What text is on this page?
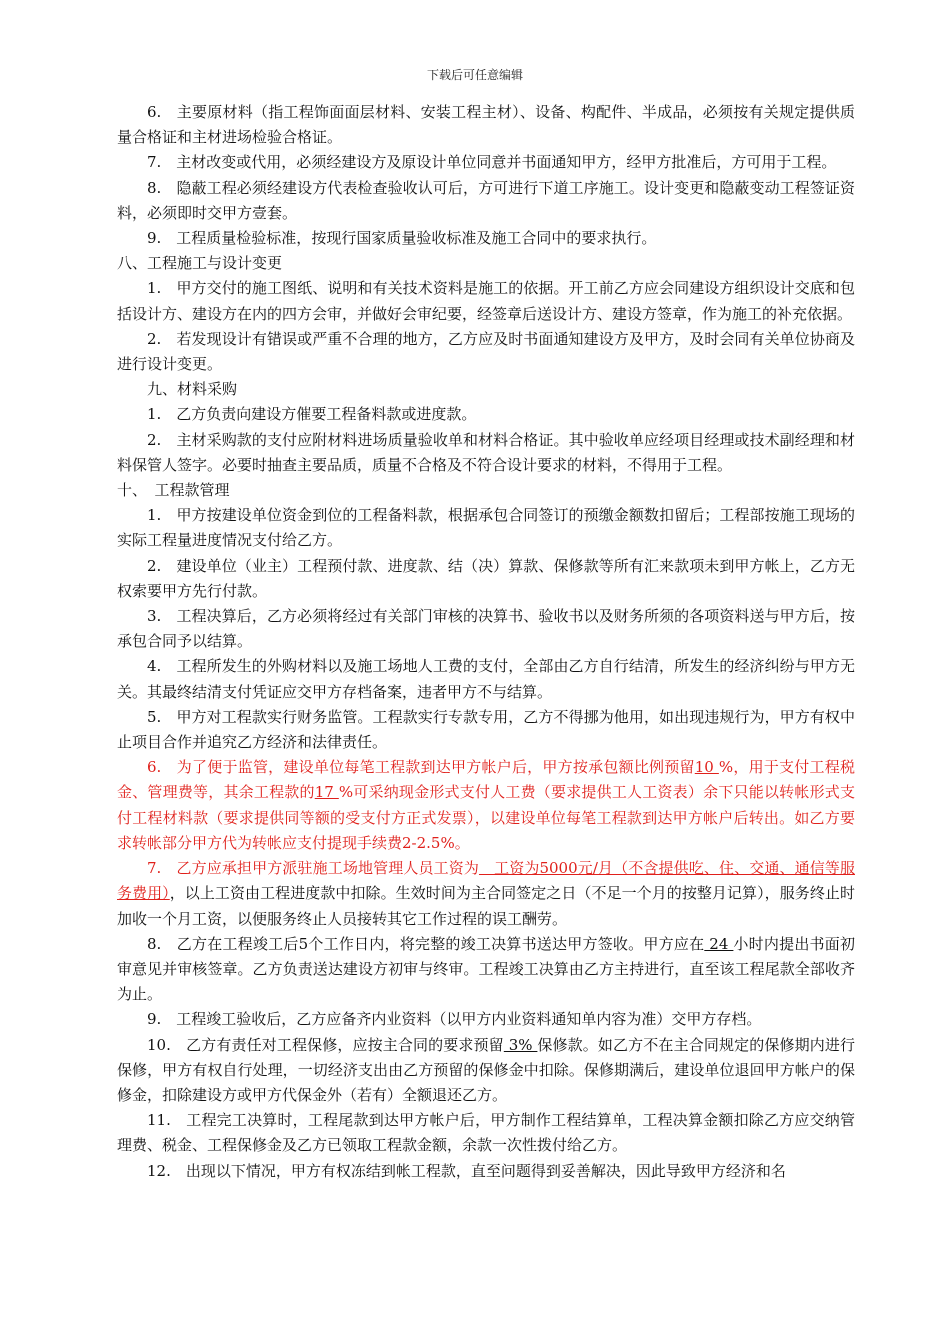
下载后可任意编辑

6.　主要原材料（指工程饰面面层材料、安装工程主材）、设备、构配件、半成品，必须按有关规定提供质量合格证和主材进场检验合格证。

7.　主材改变或代用，必须经建设方及原设计单位同意并书面通知甲方，经甲方批准后，方可用于工程。

8.　隐蔽工程必须经建设方代表检查验收认可后，方可进行下道工序施工。设计变更和隐蔽变动工程签证资料，必须即时交甲方壹套。

9.　工程质量检验标准，按现行国家质量验收标准及施工合同中的要求执行。

八、工程施工与设计变更

1.　甲方交付的施工图纸、说明和有关技术资料是施工的依据。开工前乙方应会同建设方组织设计交底和包括设计方、建设方在内的四方会审，并做好会审纪要，经签章后送设计方、建设方签章，作为施工的补充依据。

2.　若发现设计有错误或严重不合理的地方，乙方应及时书面通知建设方及甲方，及时会同有关单位协商及进行设计变更。

九、材料采购

1.　乙方负责向建设方催要工程备料款或进度款。

2.　主材采购款的支付应附材料进场质量验收单和材料合格证。其中验收单应经项目经理或技术副经理和材料保管人签字。必要时抽查主要品质，质量不合格及不符合设计要求的材料，不得用于工程。

十、　工程款管理

1.　甲方按建设单位资金到位的工程备料款，根据承包合同签订的预缴金额数扣留后；工程部按施工现场的实际工程量进度情况支付给乙方。

2.　建设单位（业主）工程预付款、进度款、结（决）算款、保修款等所有汇来款项未到甲方帐上，乙方无权索要甲方先行付款。

3.　工程决算后，乙方必须将经过有关部门审核的决算书、验收书以及财务所须的各项资料送与甲方后，按承包合同予以结算。

4.　工程所发生的外购材料以及施工场地人工费的支付，全部由乙方自行结清，所发生的经济纠纷与甲方无关。其最终结清支付凭证应交甲方存档备案，违者甲方不与结算。

5.　甲方对工程款实行财务监管。工程款实行专款专用，乙方不得挪为他用，如出现违规行为，甲方有权中止项目合作并追究乙方经济和法律责任。

6.　为了便于监管，建设单位每笔工程款到达甲方帐户后，甲方按承包额比例预留10 %，用于支付工程税金、管理费等，其余工程款的17 %可采纳现金形式支付人工费（要求提供工人工资表）余下只能以转帐形式支付工程材料款（要求提供同等额的受支付方正式发票），以建设单位每笔工程款到达甲方帐户后转出。如乙方要求转帐部分甲方代为转帐应支付提现手续费2-2.5%。

7.　乙方应承担甲方派驻施工场地管理人员工资为　工资为5000元/月（不含提供吃、住、交通、通信等服务费用），以上工资由工程进度款中扣除。生效时间为主合同签定之日（不足一个月的按整月记算），服务终止时加收一个月工资，以便服务终止人员接转其它工作过程的误工酬劳。

8.　乙方在工程竣工后5个工作日内，将完整的竣工决算书送达甲方签收。甲方应在 24 小时内提出书面初审意见并审核签章。乙方负责送达建设方初审与终审。工程竣工决算由乙方主持进行，直至该工程尾款全部收齐为止。

9.　工程竣工验收后，乙方应备齐内业资料（以甲方内业资料通知单内容为准）交甲方存档。

10.　乙方有责任对工程保修，应按主合同的要求预留 3% 保修款。如乙方不在主合同规定的保修期内进行保修，甲方有权自行处理，一切经济支出由乙方预留的保修金中扣除。保修期满后，建设单位退回甲方帐户的保修金，扣除建设方或甲方代保金外（若有）全额退还乙方。

11.　工程完工决算时，工程尾款到达甲方帐户后，甲方制作工程结算单，工程决算金额扣除乙方应交纳管理费、税金、工程保修金及乙方已领取工程款金额，余款一次性拨付给乙方。

12.　出现以下情况，甲方有权冻结到帐工程款，直至问题得到妥善解决，因此导致甲方经济和名
